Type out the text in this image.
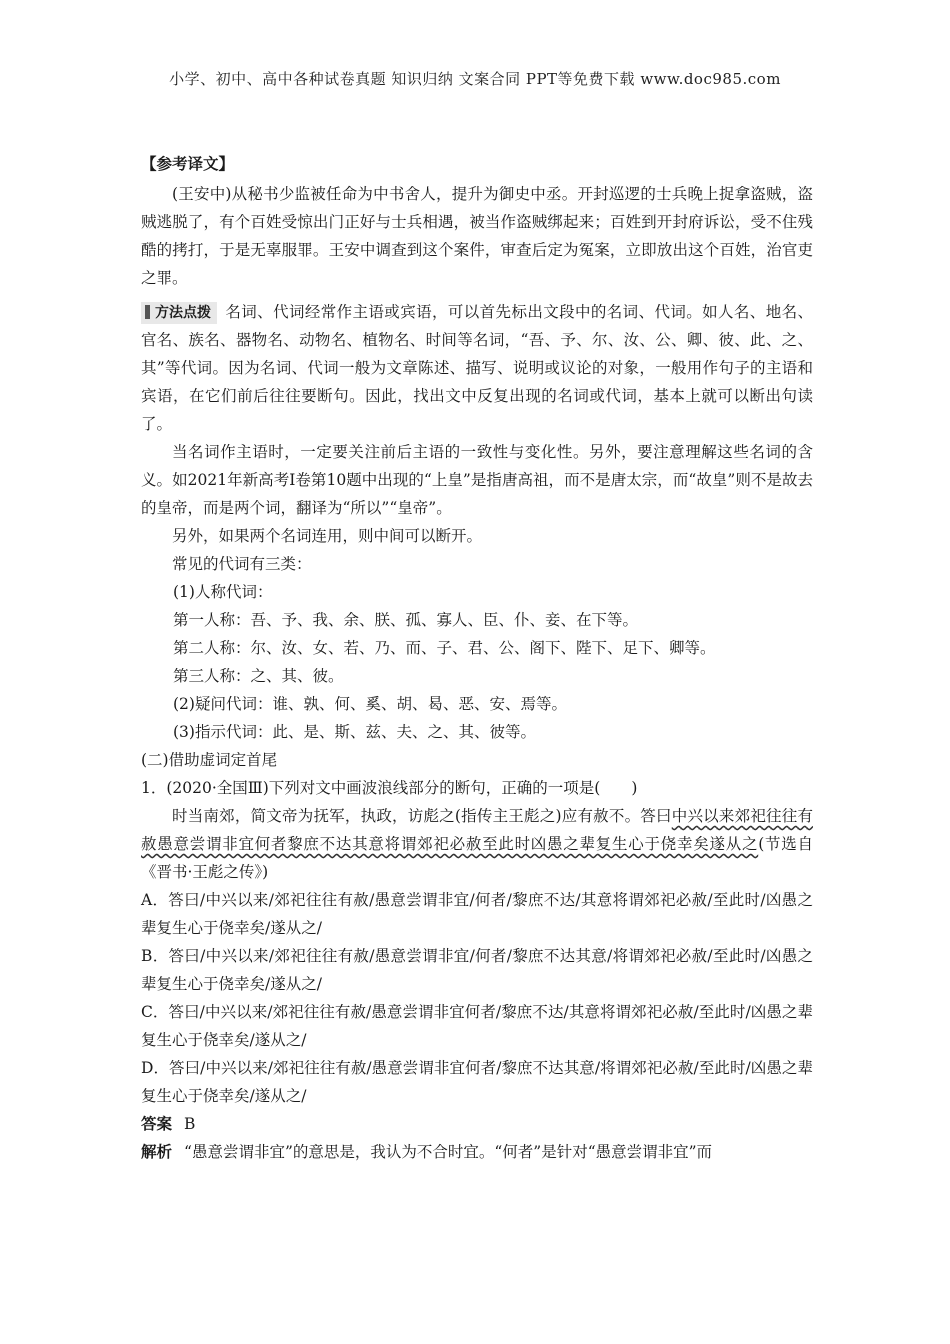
小学、初中、高中各种试卷真题 知识归纳 文案合同 PPT等免费下载 www.doc985.com
【参考译文】

(王安中)从秘书少监被任命为中书舍人，提升为御史中丞。开封巡逻的士兵晚上捉拿盗贼，盗贼逃脱了，有个百姓受惊出门正好与士兵相遇，被当作盗贼绑起来；百姓到开封府诉讼，受不住残酷的拷打，于是无辜服罪。王安中调查到这个案件，审查后定为冤案，立即放出这个百姓，治官吏之罪。

方法点拨 名词、代词经常作主语或宾语，可以首先标出文段中的名词、代词。如人名、地名、官名、族名、器物名、动物名、植物名、时间等名词，“吾、予、尔、汝、公、卿、彼、此、之、其”等代词。因为名词、代词一般为文章陈述、描写、说明或议论的对象，一般用作句子的主语和宾语，在它们前后往往要断句。因此，找出文中反复出现的名词或代词，基本上就可以断出句读了。

当名词作主语时，一定要关注前后主语的一致性与变化性。另外，要注意理解这些名词的含义。如2021年新高考Ⅰ卷第10题中出现的“上皇”是指唐高祖，而不是唐太宗，而“故皇”则不是故去的皇帝，而是两个词，翻译为“所以”“皇帝”。

另外，如果两个名词连用，则中间可以断开。

常见的代词有三类：

(1)人称代词：

第一人称：吾、予、我、余、朕、孤、寡人、臣、仆、妾、在下等。

第二人称：尔、汝、女、若、乃、而、子、君、公、阁下、陛下、足下、卿等。

第三人称：之、其、彼。

(2)疑问代词：谁、孰、何、奚、胡、曷、恶、安、焉等。

(3)指示代词：此、是、斯、兹、夫、之、其、彼等。

(二)借助虚词定首尾

1．(2020·全国Ⅲ)下列对文中画波浪线部分的断句，正确的一项是(　　)

时当南郊，简文帝为抚军，执政，访彪之(指传主王彪之)应有赦不。答曰中兴以来郊祀往往有赦愚意尝谓非宜何者黎庶不达其意将谓郊祀必赦至此时凶愚之辈复生心于侥幸矣遂从之(节选自《晋书·王彪之传》)

A．答曰/中兴以来/郊祀往往有赦/愚意尝谓非宜/何者/黎庶不达/其意将谓郊祀必赦/至此时/凶愚之辈复生心于侥幸矣/遂从之/

B．答曰/中兴以来/郊祀往往有赦/愚意尝谓非宜/何者/黎庶不达其意/将谓郊祀必赦/至此时/凶愚之辈复生心于侥幸矣/遂从之/

C．答曰/中兴以来/郊祀往往有赦/愚意尝谓非宜何者/黎庶不达/其意将谓郊祀必赦/至此时/凶愚之辈复生心于侥幸矣/遂从之/

D．答曰/中兴以来/郊祀往往有赦/愚意尝谓非宜何者/黎庶不达其意/将谓郊祀必赦/至此时/凶愚之辈复生心于侥幸矣/遂从之/

答案 B

解析 “愚意尝谓非宜”的意思是，我认为不合时宜。“何者”是针对“愚意尝谓非宜”而
